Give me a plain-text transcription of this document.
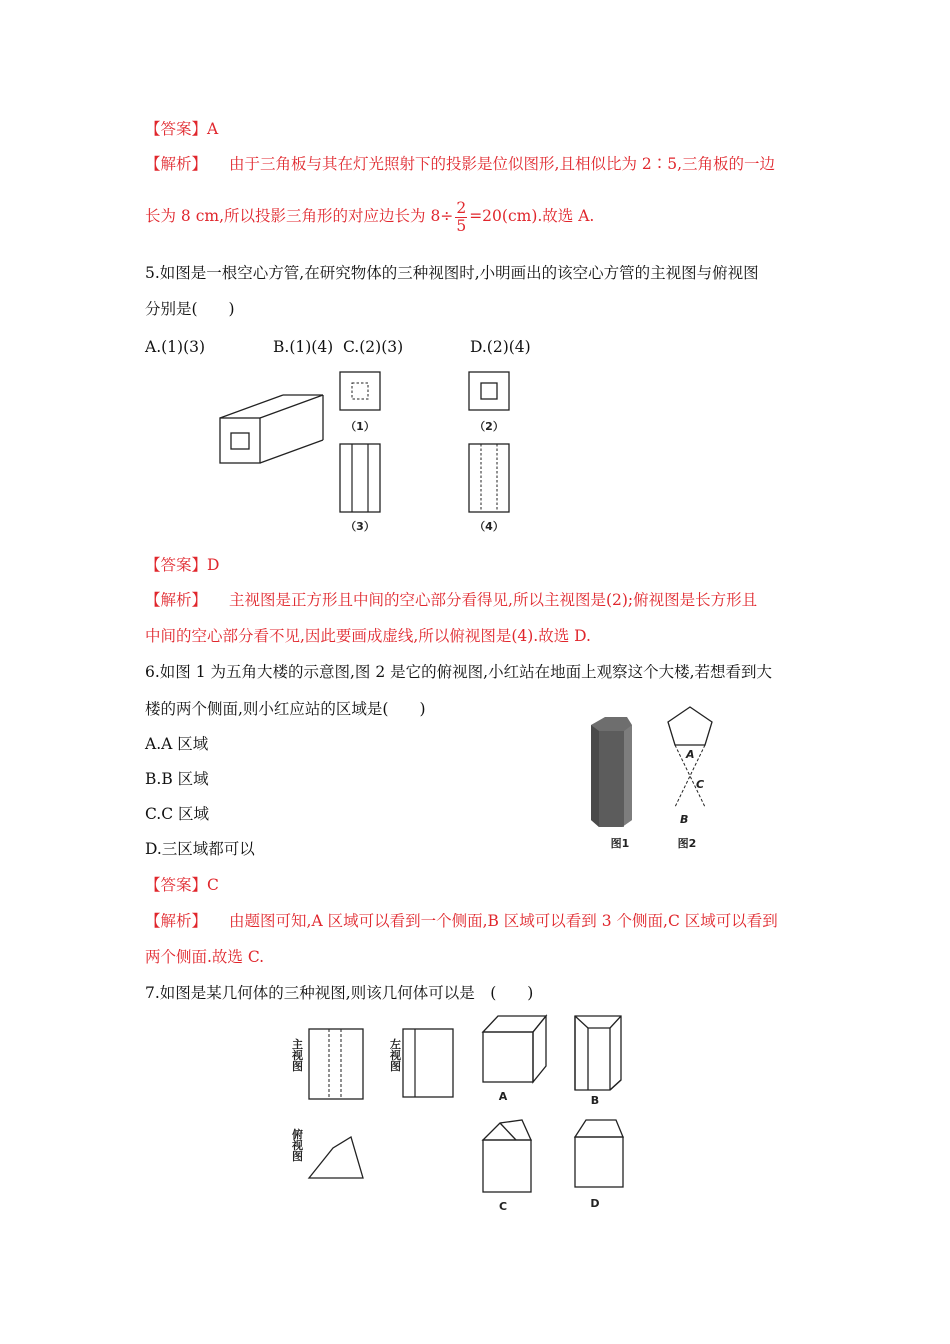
【答案】A
【解析】 由于三角板与其在灯光照射下的投影是位似图形,且相似比为 2∶5,三角板的一边
长为 8 cm,所以投影三角形的对应边长为 $8\div \frac{2}{5} =20(cm)$.故选 A.
5.如图是一根空心方管,在研究物体的三种视图时,小明画出的该空心方管的主视图与俯视图
分别是(　　)
A.(1)(3)	B.(1)(4) C.(2)(3)	D.(2)(4)
（1）	（2）
（3）	（4）
【答案】D
【解析】 主视图是正方形且中间的空心部分看得见,所以主视图是(2);俯视图是长方形且
中间的空心部分看不见,因此要画成虚线,所以俯视图是(4).故选 D.
6.如图 1 为五角大楼的示意图,图 2 是它的俯视图,小红站在地面上观察这个大楼,若想看到大
楼的两个侧面,则小红应站的区域是(　　)
A.A 区域
B.B 区域
C.C 区域
D.三区域都可以	图1
A
C
B
图2
【答案】C
【解析】 由题图可知,A 区域可以看到一个侧面,B 区域可以看到 3 个侧面,C 区域可以看到
两个侧面.故选 C.
7.如图是某几何体的三种视图,则该几何体可以是　(　　)
主视图	左视图
俯视图
A	B
C	D
